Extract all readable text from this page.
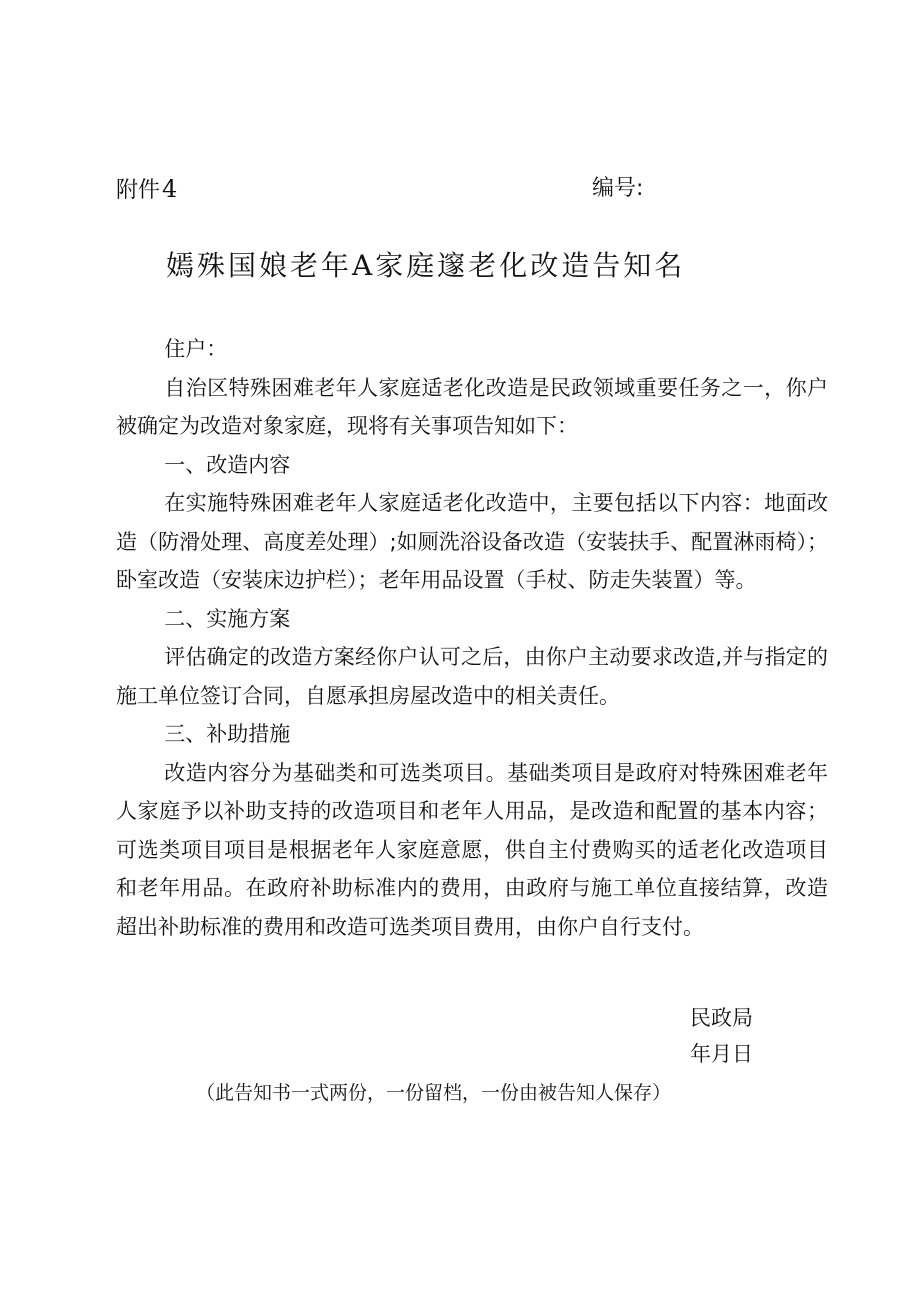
附件4	编号:
嫣殊国娘老年A家庭邃老化改造告知名

住户：

自治区特殊困难老年人家庭适老化改造是民政领域重要任务之一，你户被确定为改造对象家庭，现将有关事项告知如下：

一、改造内容

在实施特殊困难老年人家庭适老化改造中，主要包括以下内容：地面改造（防滑处理、高度差处理）;如厕洗浴设备改造（安装扶手、配置淋雨椅）；卧室改造（安装床边护栏）；老年用品设置（手杖、防走失装置）等。

二、实施方案

评估确定的改造方案经你户认可之后，由你户主动要求改造,并与指定的施工单位签订合同，自愿承担房屋改造中的相关责任。

三、补助措施

改造内容分为基础类和可选类项目。基础类项目是政府对特殊困难老年人家庭予以补助支持的改造项目和老年人用品，是改造和配置的基本内容；可选类项目项目是根据老年人家庭意愿，供自主付费购买的适老化改造项目和老年用品。在政府补助标准内的费用，由政府与施工单位直接结算，改造超出补助标准的费用和改造可选类项目费用，由你户自行支付。

民政局
年月日
（此告知书一式两份，一份留档，一份由被告知人保存）
